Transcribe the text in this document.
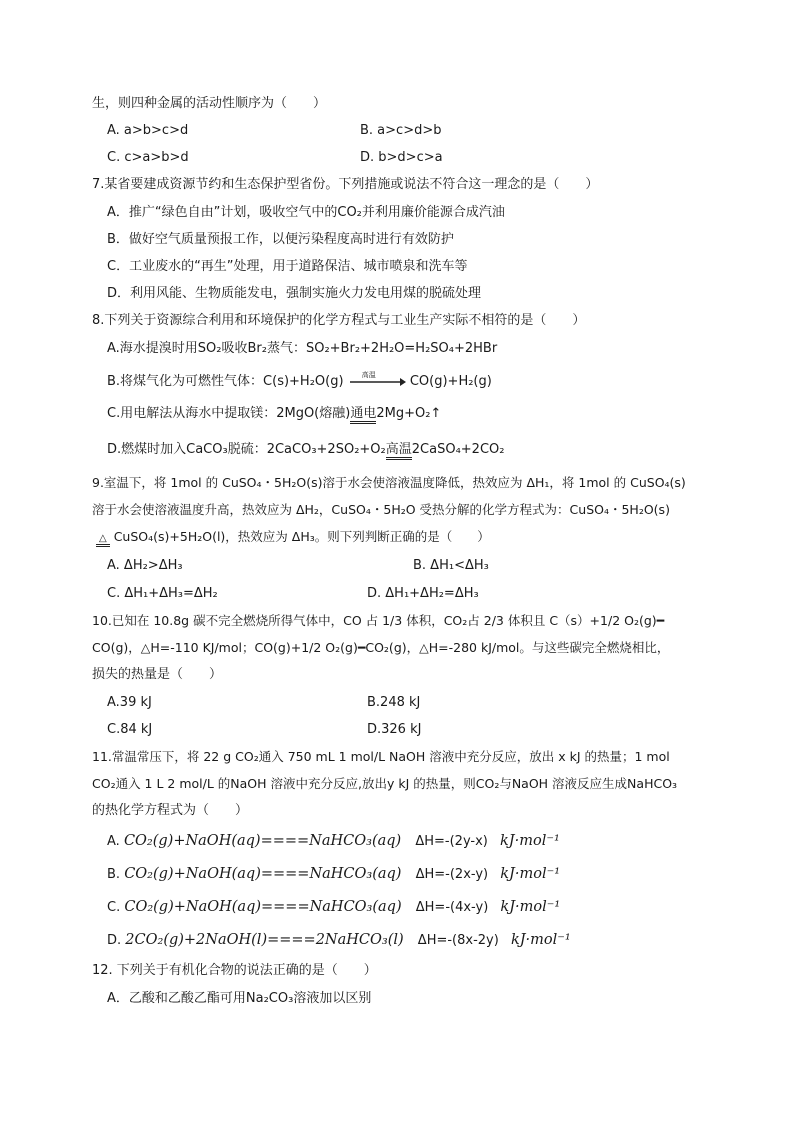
生，则四种金属的活动性顺序为（　　）
A. a>b>c>d	B. a>c>d>b
C. c>a>b>d	D. b>d>c>a
7.某省要建成资源节约和生态保护型省份。下列措施或说法不符合这一理念的是（　　）
A．推广“绿色自由”计划，吸收空气中的CO₂并利用廉价能源合成汽油
B．做好空气质量预报工作，以便污染程度高时进行有效防护
C．工业废水的“再生”处理，用于道路保洁、城市喷泉和洗车等
D．利用风能、生物质能发电，强制实施火力发电用煤的脱硫处理
8.下列关于资源综合利用和环境保护的化学方程式与工业生产实际不相符的是（　　）
A.海水提溴时用SO₂吸收Br₂蒸气：SO₂+Br₂+2H₂O=H₂SO₄+2HBr
B.将煤气化为可燃性气体：C(s)+H₂O(g)	高温	CO(g)+H₂(g)
C.用电解法从海水中提取镁：2MgO(熔融)通电2Mg+O₂↑
D.燃煤时加入CaCO₃脱硫：2CaCO₃+2SO₂+O₂高温2CaSO₄+2CO₂
9.室温下，将 1mol 的 CuSO₄・5H₂O(s)溶于水会使溶液温度降低，热效应为 ΔH₁，将 1mol 的 CuSO₄(s)
溶于水会使溶液温度升高，热效应为 ΔH₂，CuSO₄・5H₂O 受热分解的化学方程式为：CuSO₄・5H₂O(s)
△ CuSO₄(s)+5H₂O(l)，热效应为 ΔH₃。则下列判断正确的是（　　）
A. ΔH₂>ΔH₃	B. ΔH₁<ΔH₃
C. ΔH₁+ΔH₃=ΔH₂	D. ΔH₁+ΔH₂=ΔH₃
10.已知在 10.8g 碳不完全燃烧所得气体中，CO 占 1/3 体积，CO₂占 2/3 体积且 C（s）+1/2 O₂(g)━
CO(g)，△H=-110 KJ/mol；CO(g)+1/2 O₂(g)━CO₂(g)，△H=-280 kJ/mol。与这些碳完全燃烧相比，
损失的热量是（　　）
A.39 kJ	B.248 kJ
C.84 kJ	D.326 kJ
11.常温常压下，将 22 g CO₂通入 750 mL 1 mol/L NaOH 溶液中充分反应，放出 x kJ 的热量；1 mol
CO₂通入 1 L 2 mol/L 的NaOH 溶液中充分反应,放出y kJ 的热量，则CO₂与NaOH 溶液反应生成NaHCO₃
的热化学方程式为（　　）
A. CO₂(g)+NaOH(aq)====NaHCO₃(aq) ΔH=-(2y-x) kJ·mol⁻¹
B. CO₂(g)+NaOH(aq)====NaHCO₃(aq) ΔH=-(2x-y) kJ·mol⁻¹
C. CO₂(g)+NaOH(aq)====NaHCO₃(aq) ΔH=-(4x-y) kJ·mol⁻¹
D. 2CO₂(g)+2NaOH(l)====2NaHCO₃(l) ΔH=-(8x-2y) kJ·mol⁻¹
12. 下列关于有机化合物的说法正确的是（　　）
A．乙酸和乙酸乙酯可用Na₂CO₃溶液加以区别
